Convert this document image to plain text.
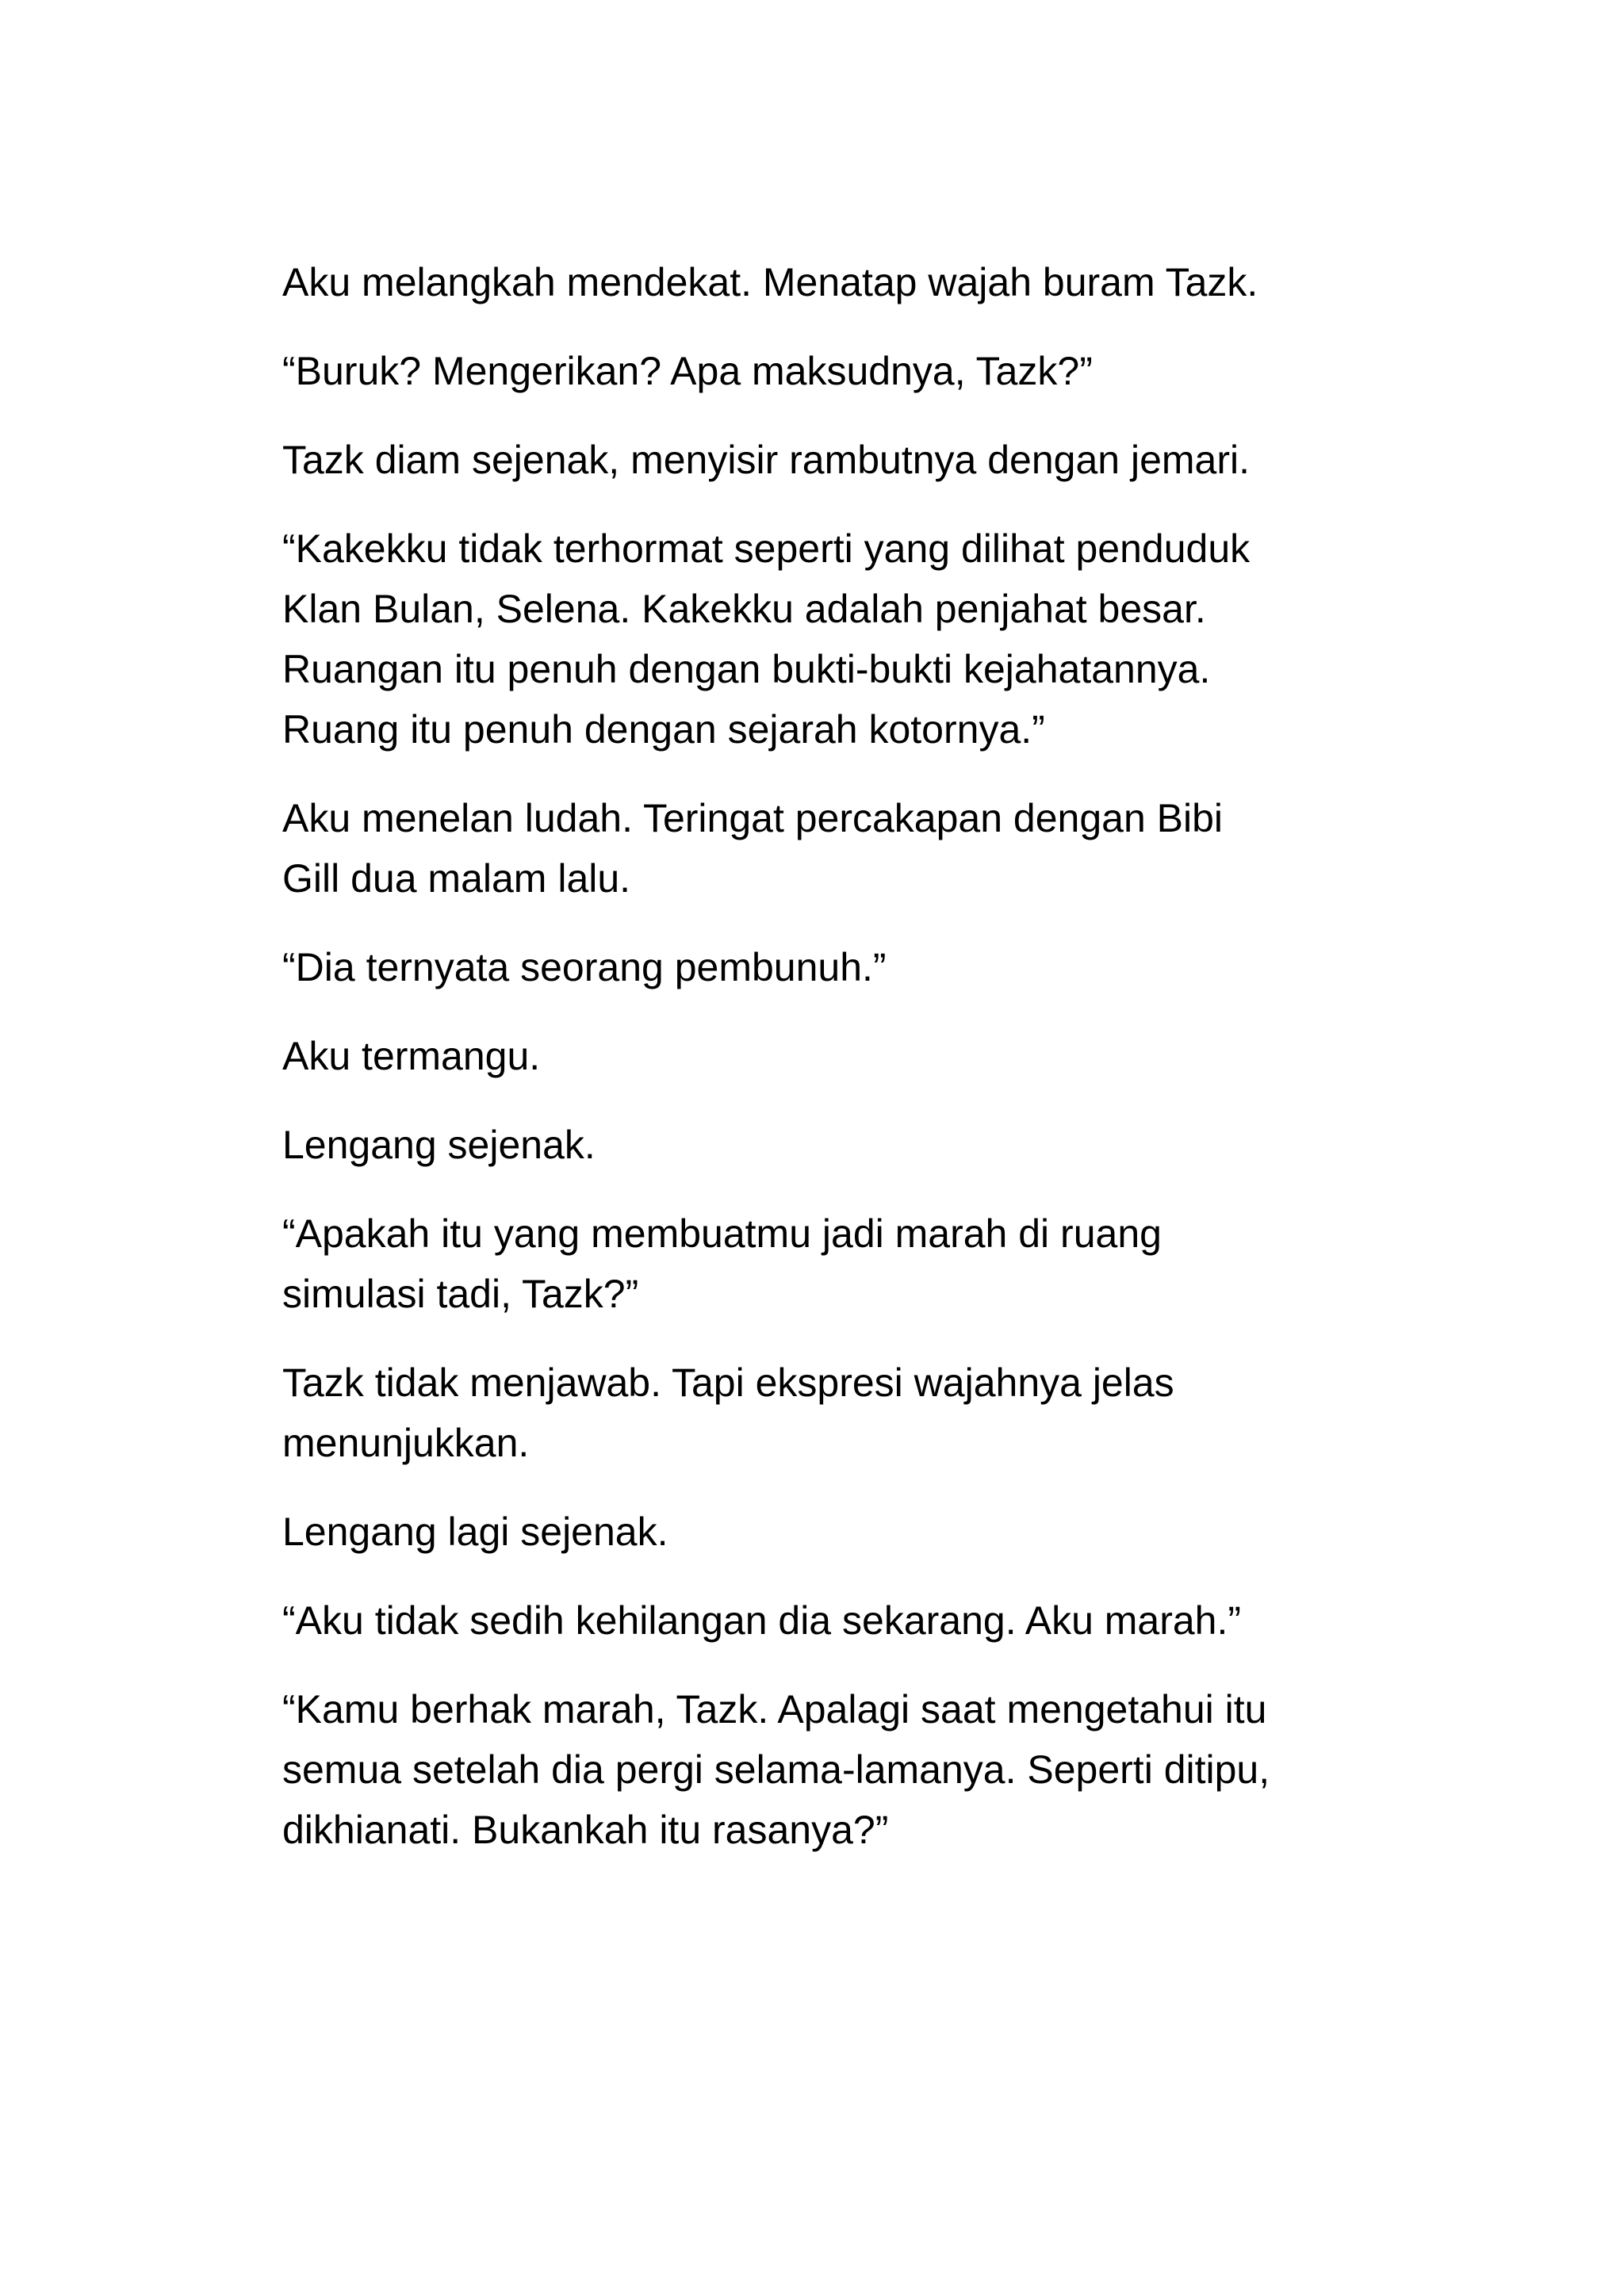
Aku melangkah mendekat. Menatap wajah buram Tazk.

“Buruk? Mengerikan? Apa maksudnya, Tazk?”

Tazk diam sejenak, menyisir rambutnya dengan jemari.

“Kakekku tidak terhormat seperti yang dilihat penduduk
Klan Bulan, Selena. Kakekku adalah penjahat besar.
Ruangan itu penuh dengan bukti-bukti kejahatannya.
Ruang itu penuh dengan sejarah kotornya.”

Aku menelan ludah. Teringat percakapan dengan Bibi
Gill dua malam lalu.

“Dia ternyata seorang pembunuh.”

Aku termangu.

Lengang sejenak.

“Apakah itu yang membuatmu jadi marah di ruang
simulasi tadi, Tazk?”

Tazk tidak menjawab. Tapi ekspresi wajahnya jelas
menunjukkan.

Lengang lagi sejenak.

“Aku tidak sedih kehilangan dia sekarang. Aku marah.”

“Kamu berhak marah, Tazk. Apalagi saat mengetahui itu
semua setelah dia pergi selama-lamanya. Seperti ditipu,
dikhianati. Bukankah itu rasanya?”
